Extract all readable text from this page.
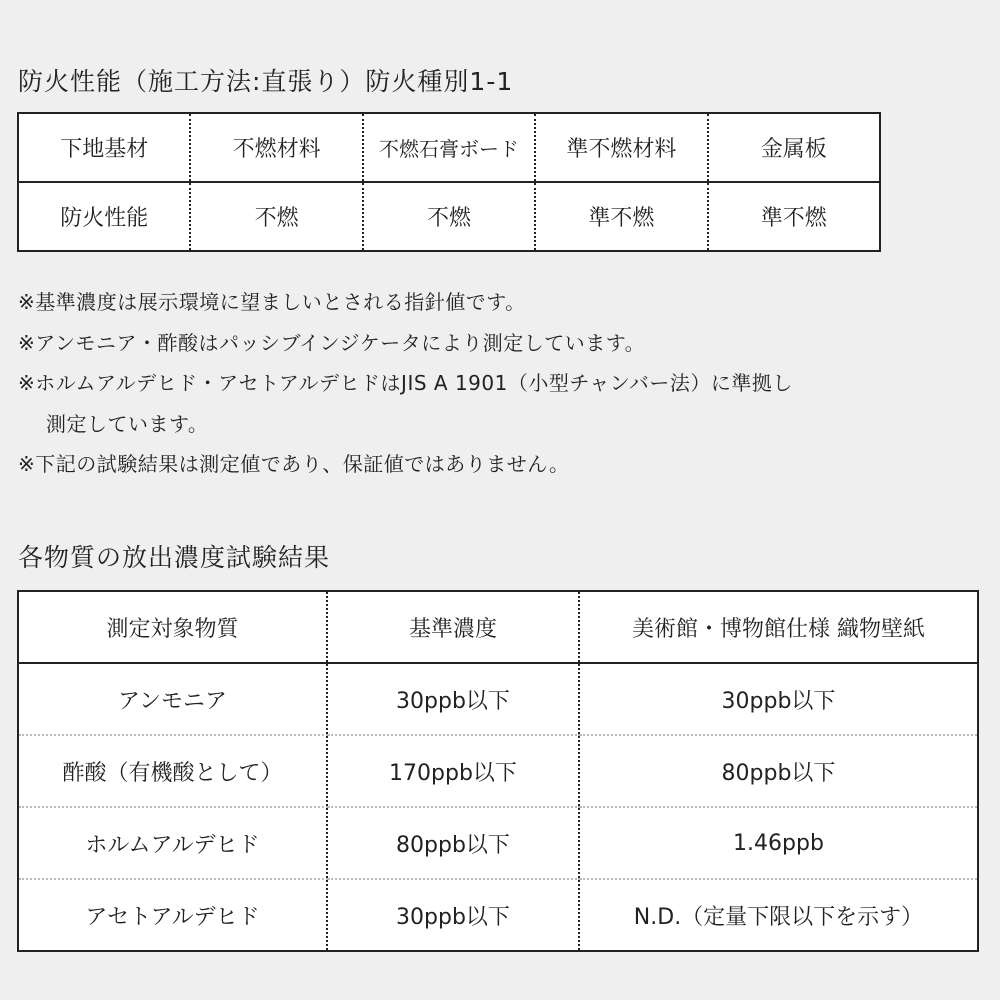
防火性能（施工方法:直張り）防火種別1-1
下地基材	不燃材料	不燃石膏ボード	準不燃材料	金属板
防火性能	不燃	不燃	準不燃	準不燃
※基準濃度は展示環境に望ましいとされる指針値です。
※アンモニア・酢酸はパッシブインジケータにより測定しています。
※ホルムアルデヒド・アセトアルデヒドはJIS A 1901（小型チャンバー法）に準拠し
測定しています。
※下記の試験結果は測定値であり、保証値ではありません。
各物質の放出濃度試験結果
測定対象物質	基準濃度	美術館・博物館仕様 織物壁紙
アンモニア	30ppb以下	30ppb以下
酢酸（有機酸として）	170ppb以下	80ppb以下
ホルムアルデヒド	80ppb以下	1.46ppb
アセトアルデヒド	30ppb以下	N.D.（定量下限以下を示す）
